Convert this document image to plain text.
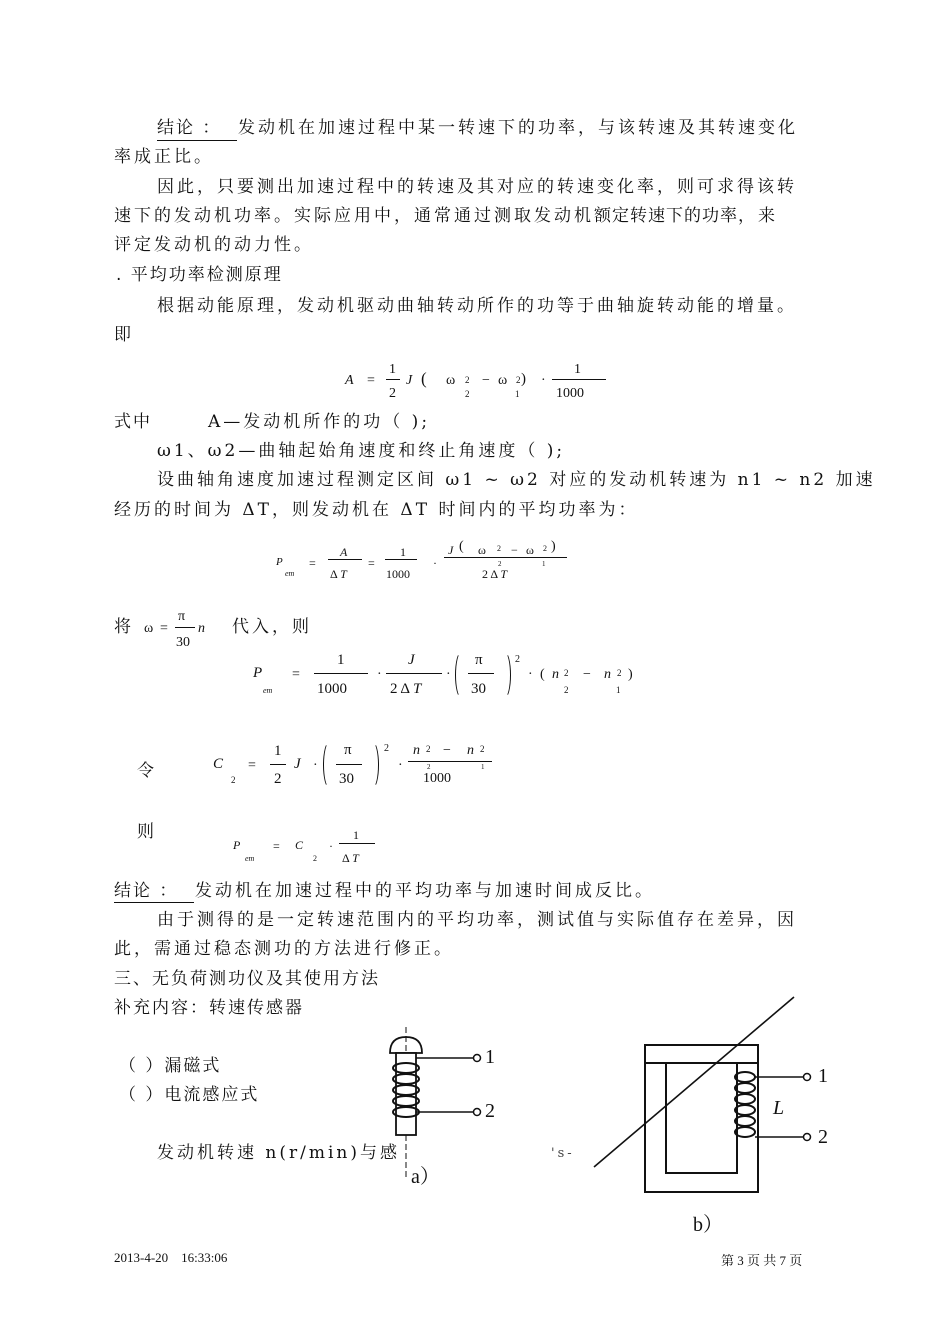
结论 ： 发动机在加速过程中某一转速下的功率，与该转速及其转速变化
率成正比。
因此，只要测出加速过程中的转速及其对应的转速变化率，则可求得该转
速下的发动机功率。实际应用中，通常通过测取发动机额定转速下的功率，来
评定发动机的动力性。
. 平均功率检测原理
根据动能原理，发动机驱动曲轴转动所作的功等于曲轴旋转动能的增量。
即
A =
1
2
J ( ω 2
2
− ω 2
1
) ·
1
1000
式中	A—发动机所作的功（ );
ω1、ω2—曲轴起始角速度和终止角速度（ );
设曲轴角速度加速过程测定区间 ω1 ~ ω2 对应的发动机转速为 n1 ~ n2 加速
经历的时间为 ΔT，则发动机在 ΔT 时间内的平均功率为：
P
em
=
A
Δ T
=
1
1000
·
J ( ω 2 − ω 2 )
2	1
2 Δ T
将 ω =
π
30
n 代入，则
P
em
=
1
1000
·
J
2 Δ T
·
π
30
2
· ( n 2
2
− n 2
1
)
令	C
2
=
1
2
J ·
π
30
2
·
n 2 − n 2
2	1
1000
则
P
em
= C
2
·
1
Δ T
结论 ： 发动机在加速过程中的平均功率与加速时间成反比。
由于测得的是一定转速范围内的平均功率，测试值与实际值存在差异，因
此，需通过稳态测功的方法进行修正。
三、无负荷测功仪及其使用方法
补充内容：转速传感器
（ ）漏磁式
（ ）电流感应式
发动机转速 n(r/min)与感	's-
1
2
a）
1
2
L
b）
2013-4-20    16:33:06	第 3 页 共 7 页
